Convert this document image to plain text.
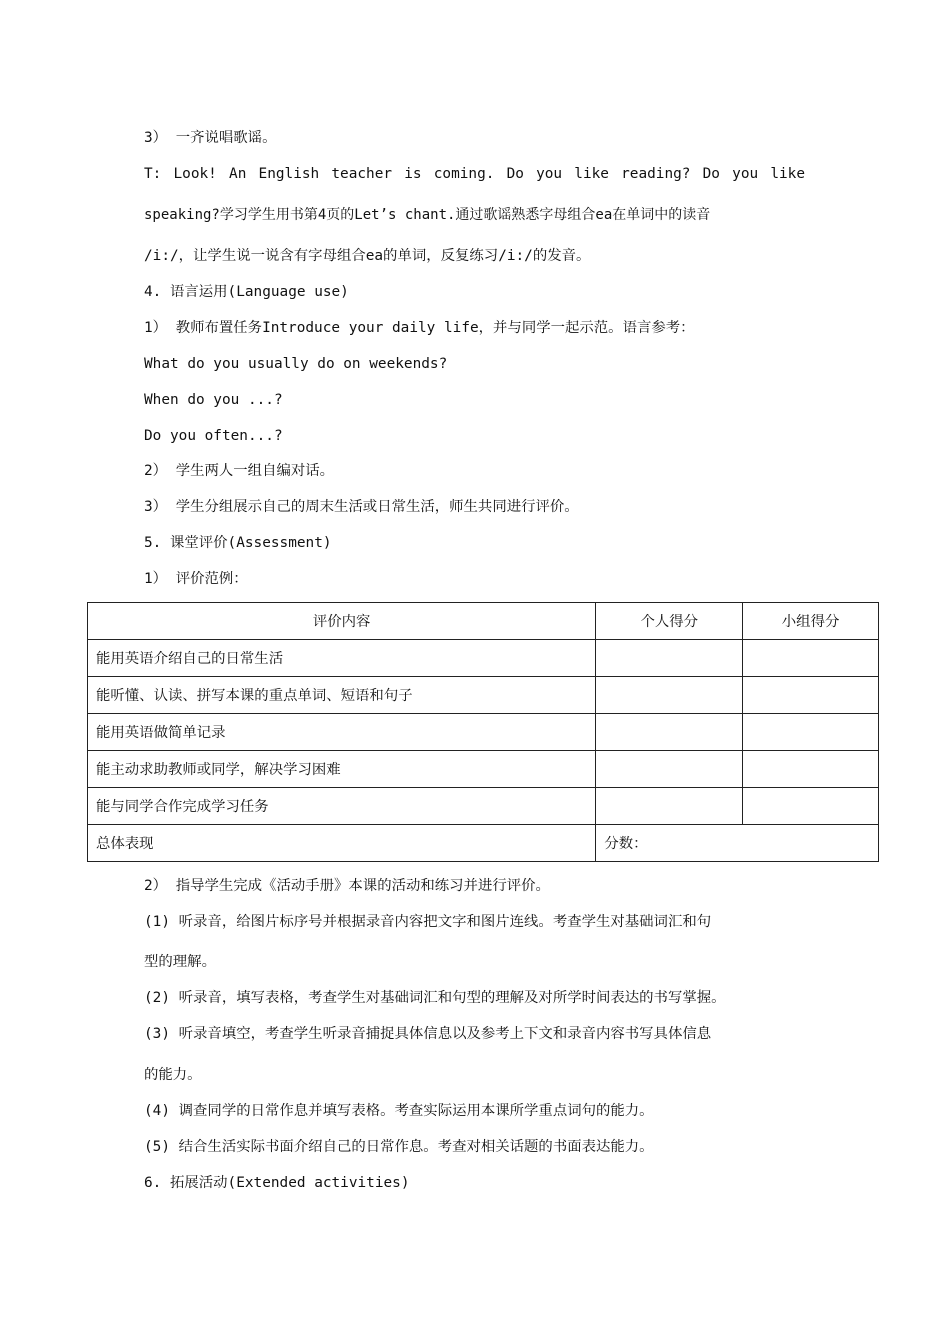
3） 一齐说唱歌谣。
T: Look! An English teacher is coming. Do you like reading? Do you like
speaking?学习学生用书第4页的Let’s chant.通过歌谣熟悉字母组合ea在单词中的读音
/i:/，让学生说一说含有字母组合ea的单词，反复练习/i:/的发音。
4. 语言运用(Language use)
1） 教师布置任务Introduce your daily life，并与同学一起示范。语言参考：
What do you usually do on weekends?
When do you ...?
Do you often...?
2） 学生两人一组自编对话。
3） 学生分组展示自己的周末生活或日常生活，师生共同进行评价。
5. 课堂评价(Assessment)
1） 评价范例：
评价内容	个人得分	小组得分
能用英语介绍自己的日常生活		
能听懂、认读、拼写本课的重点单词、短语和句子		
能用英语做简单记录		
能主动求助教师或同学，解决学习困难		
能与同学合作完成学习任务		
总体表现	分数：	
2） 指导学生完成《活动手册》本课的活动和练习并进行评价。
(1) 听录音，给图片标序号并根据录音内容把文字和图片连线。考查学生对基础词汇和句
型的理解。
(2) 听录音，填写表格，考查学生对基础词汇和句型的理解及对所学时间表达的书写掌握。
(3) 听录音填空，考查学生听录音捕捉具体信息以及参考上下文和录音内容书写具体信息
的能力。
(4) 调查同学的日常作息并填写表格。考查实际运用本课所学重点词句的能力。
(5) 结合生活实际书面介绍自己的日常作息。考查对相关话题的书面表达能力。
6. 拓展活动(Extended activities)
